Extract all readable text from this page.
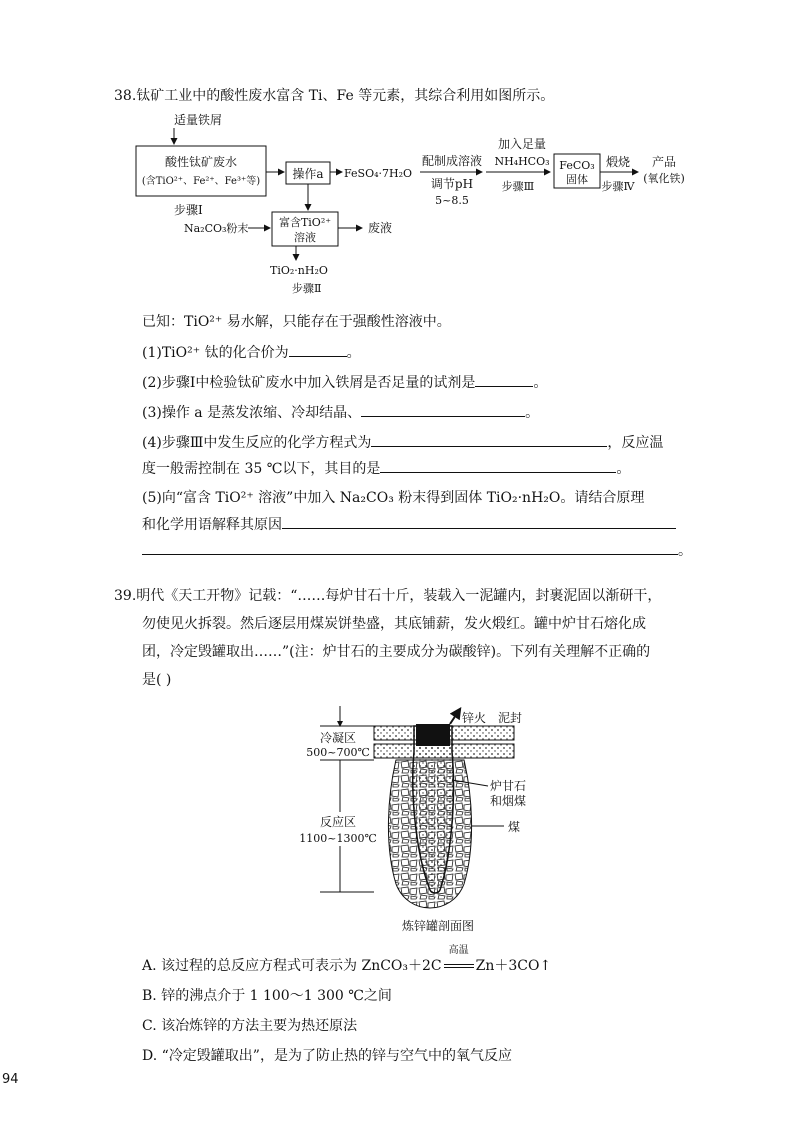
38.钛矿工业中的酸性废水富含 Ti、Fe 等元素，其综合利用如图所示。
适量铁屑
酸性钛矿废水
(含TiO²⁺、Fe²⁺、Fe³⁺等)
操作a FeSO₄·7H₂O
配制成溶液
调节pH
5~8.5
加入足量
NH₄HCO₃
步骤Ⅲ
FeCO₃
固体
煅烧
步骤Ⅳ
产品
(氧化铁)
步骤Ⅰ
Na₂CO₃粉末	富含TiO²⁺
溶液
废液
TiO₂·nH₂O
步骤Ⅱ
已知：TiO²⁺ 易水解，只能存在于强酸性溶液中。
(1)TiO²⁺ 钛的化合价为	。
(2)步骤Ⅰ中检验钛矿废水中加入铁屑是否足量的试剂是	。
(3)操作 a 是蒸发浓缩、冷却结晶、	。
(4)步骤Ⅲ中发生反应的化学方程式为	，反应温
度一般需控制在 35 ℃以下，其目的是	。
(5)向“富含 TiO²⁺ 溶液”中加入 Na₂CO₃ 粉末得到固体 TiO₂·nH₂O。请结合原理
和化学用语解释其原因
。
39.明代《天工开物》记载：“……每炉甘石十斤，装载入一泥罐内，封裹泥固以渐研干，
勿使见火拆裂。然后逐层用煤炭饼垫盛，其底铺薪，发火煅红。罐中炉甘石熔化成
团，冷定毁罐取出……”(注：炉甘石的主要成分为碳酸锌)。下列有关理解不正确的
是( )
冷凝区
500~700℃
反应区
1100~1300℃
锌火 泥封
炉甘石
和烟煤
煤
炼锌罐剖面图
A. 该过程的总反应方程式可表示为 ZnCO₃＋2C
高温
Zn＋3CO↑
B. 锌的沸点介于 1 100～1 300 ℃之间
C. 该冶炼锌的方法主要为热还原法
D. “冷定毁罐取出”，是为了防止热的锌与空气中的氧气反应
94
